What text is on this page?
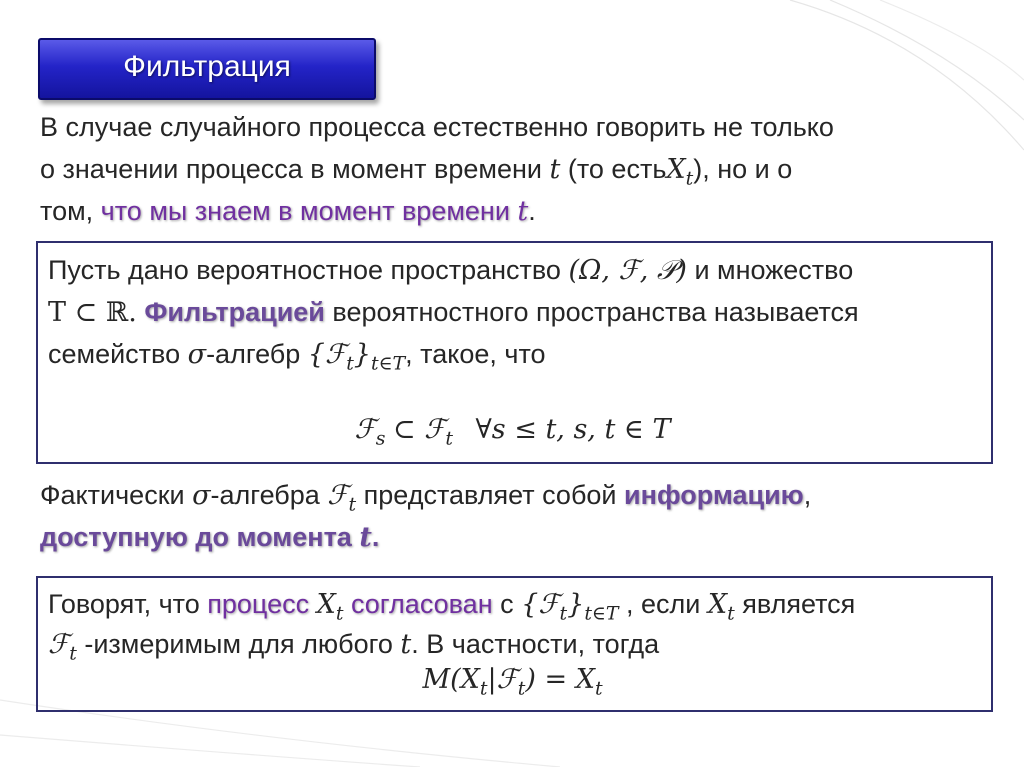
Фильтрация
В случае случайного процесса естественно говорить не только
о значении процесса в момент времени t (то естьX$_t$), но и о
том, что мы знаем в момент времени t.
Пусть дано вероятностное пространство (Ω, ℱ, 𝒫) и множество
T ⊂ ℝ. Фильтрацией вероятностного пространства называется
семейство σ-алгебр $\{ℱ_t\}_{t\in T}$, такое, что
ℱ$_s$ ⊂ ℱ$_t$ ∀s ≤ t, s, t ∈ T
Фактически σ-алгебра ℱ$_t$ представляет собой информацию,
доступную до момента t.
Говорят, что процесс $X_t$ согласован с $\{ℱ_t\}_{t\in T}$ , если $X_t$ является
ℱ$_t$ -измеримым для любого t. В частности, тогда
$M(X_t|ℱ_t) = X_t$
